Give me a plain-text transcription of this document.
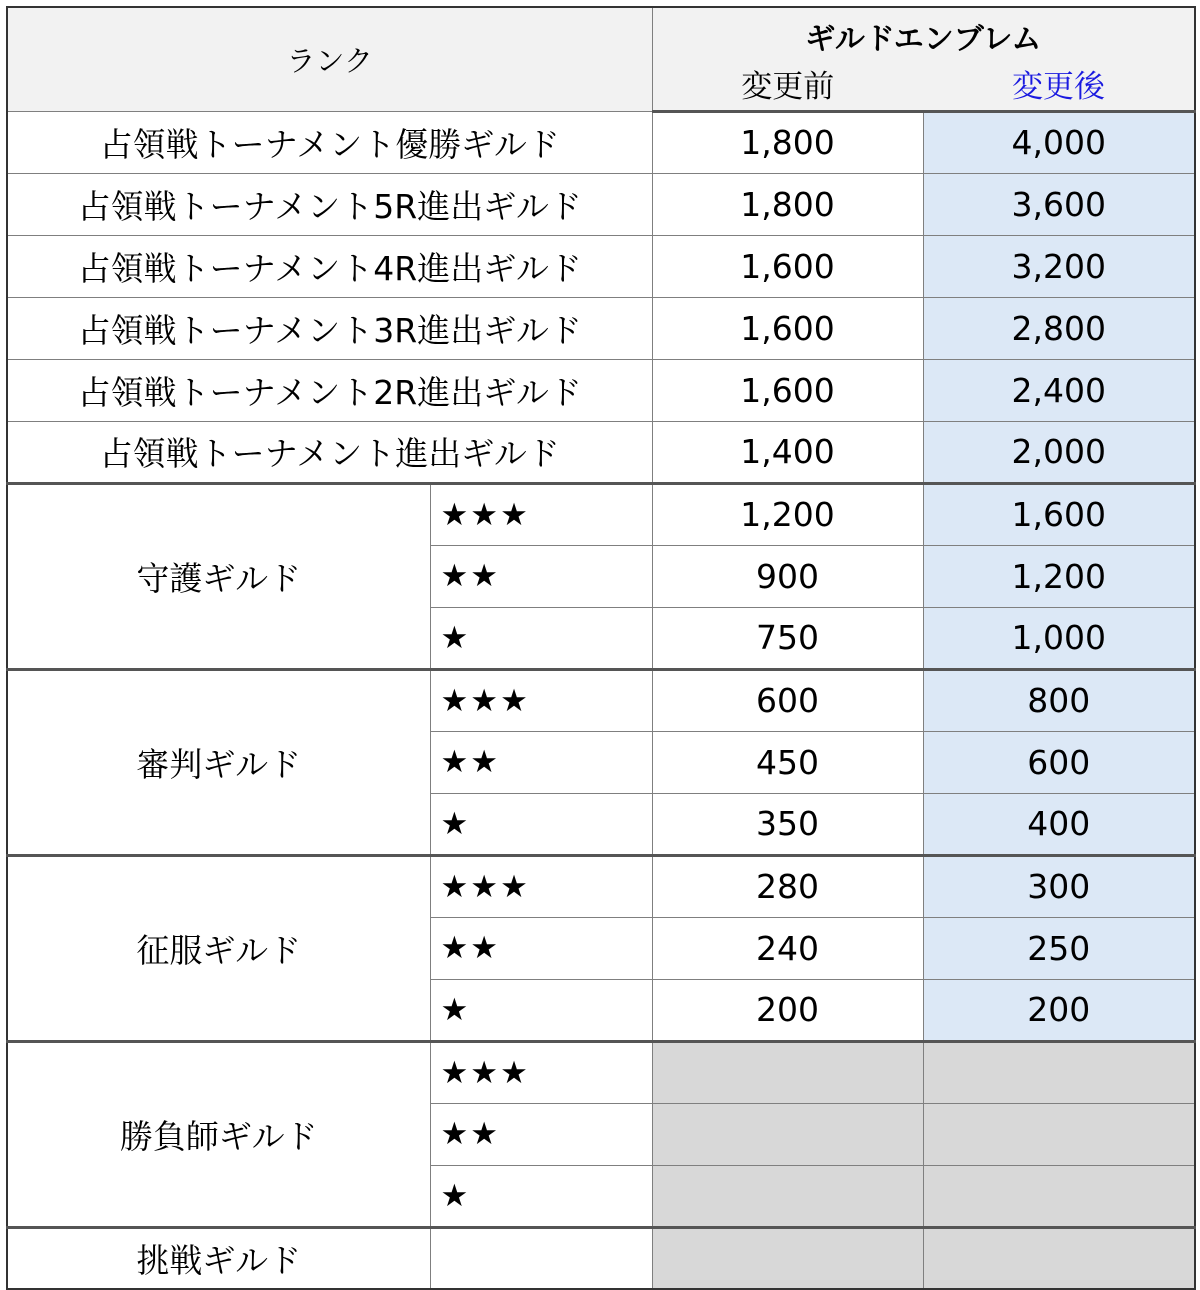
ランク		ギルドエンブレム	
		変更前	変更後
占領戦トーナメント優勝ギルド		1,800	4,000
占領戦トーナメント5R進出ギルド		1,800	3,600
占領戦トーナメント4R進出ギルド		1,600	3,200
占領戦トーナメント3R進出ギルド		1,600	2,800
占領戦トーナメント2R進出ギルド		1,600	2,400
占領戦トーナメント進出ギルド		1,400	2,000
守護ギルド	★★★	1,200	1,600
	★★	900	1,200
	★	750	1,000
審判ギルド	★★★	600	800
	★★	450	600
	★	350	400
征服ギルド	★★★	280	300
	★★	240	250
	★	200	200
勝負師ギルド	★★★		
	★★		
	★		
挑戦ギルド			
